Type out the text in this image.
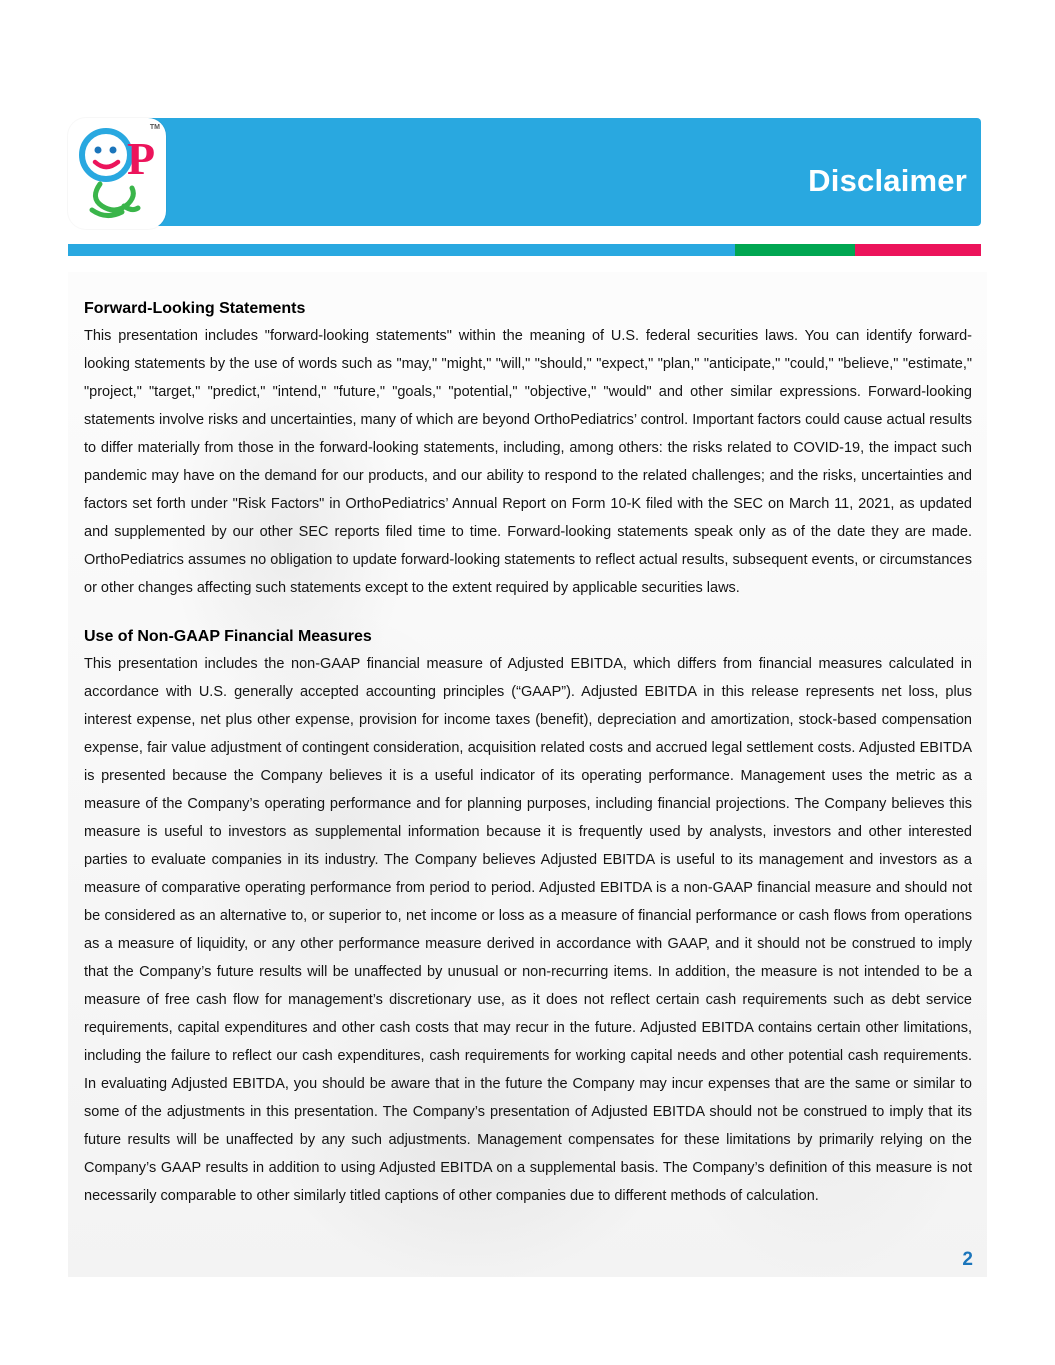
Disclaimer
P
TM
Forward-Looking Statements

This presentation includes "forward-looking statements" within the meaning of U.S. federal securities laws. You can identify forward-looking statements by the use of words such as "may," "might," "will," "should," "expect," "plan," "anticipate," "could," "believe," "estimate," "project," "target," "predict," "intend," "future," "goals," "potential," "objective," "would" and other similar expressions. Forward-looking statements involve risks and uncertainties, many of which are beyond OrthoPediatrics’ control. Important factors could cause actual results to differ materially from those in the forward-looking statements, including, among others: the risks related to COVID-19, the impact such pandemic may have on the demand for our products, and our ability to respond to the related challenges; and the risks, uncertainties and factors set forth under "Risk Factors" in OrthoPediatrics’ Annual Report on Form 10-K filed with the SEC on March 11, 2021, as updated and supplemented by our other SEC reports filed time to time. Forward-looking statements speak only as of the date they are made. OrthoPediatrics assumes no obligation to update forward-looking statements to reflect actual results, subsequent events, or circumstances or other changes affecting such statements except to the extent required by applicable securities laws.

Use of Non-GAAP Financial Measures

This presentation includes the non-GAAP financial measure of Adjusted EBITDA, which differs from financial measures calculated in accordance with U.S. generally accepted accounting principles (“GAAP”). Adjusted EBITDA in this release represents net loss, plus interest expense, net plus other expense, provision for income taxes (benefit), depreciation and amortization, stock-based compensation expense, fair value adjustment of contingent consideration, acquisition related costs and accrued legal settlement costs. Adjusted EBITDA is presented because the Company believes it is a useful indicator of its operating performance. Management uses the metric as a measure of the Company’s operating performance and for planning purposes, including financial projections. The Company believes this measure is useful to investors as supplemental information because it is frequently used by analysts, investors and other interested parties to evaluate companies in its industry. The Company believes Adjusted EBITDA is useful to its management and investors as a measure of comparative operating performance from period to period. Adjusted EBITDA is a non-GAAP financial measure and should not be considered as an alternative to, or superior to, net income or loss as a measure of financial performance or cash flows from operations as a measure of liquidity, or any other performance measure derived in accordance with GAAP, and it should not be construed to imply that the Company’s future results will be unaffected by unusual or non-recurring items. In addition, the measure is not intended to be a measure of free cash flow for management’s discretionary use, as it does not reflect certain cash requirements such as debt service requirements, capital expenditures and other cash costs that may recur in the future. Adjusted EBITDA contains certain other limitations, including the failure to reflect our cash expenditures, cash requirements for working capital needs and other potential cash requirements. In evaluating Adjusted EBITDA, you should be aware that in the future the Company may incur expenses that are the same or similar to some of the adjustments in this presentation. The Company’s presentation of Adjusted EBITDA should not be construed to imply that its future results will be unaffected by any such adjustments. Management compensates for these limitations by primarily relying on the Company’s GAAP results in addition to using Adjusted EBITDA on a supplemental basis. The Company’s definition of this measure is not necessarily comparable to other similarly titled captions of other companies due to different methods of calculation.

2
